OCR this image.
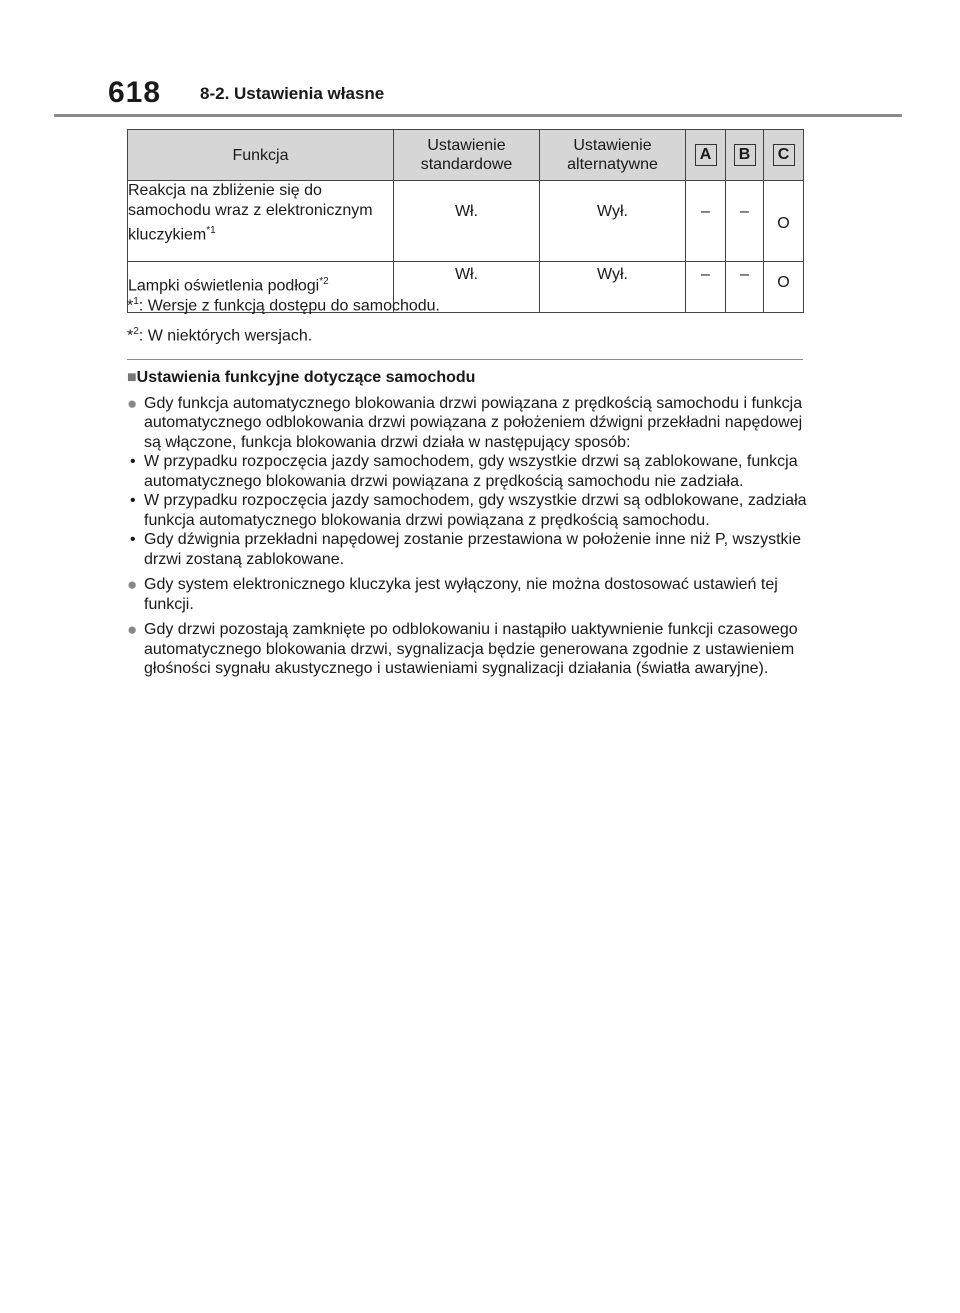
618 8-2. Ustawienia własne
Funkcja	Ustawienie standardowe	Ustawienie alternatywne	A	B	C
Reakcja na zbliżenie się do samochodu wraz z elektronicznym kluczykiem$^{*1}$	Wł.	Wył.	–	–	O

Lampki oświetlenia podłogi$^{*2}$	Wł.	Wył.	–	–	O
*$^1$: Wersje z funkcją dostępu do samochodu.
*$^2$: W niektórych wersjach.
■Ustawienia funkcyjne dotyczące samochodu
● Gdy funkcja automatycznego blokowania drzwi powiązana z prędkością samochodu i funkcja automatycznego odblokowania drzwi powiązana z położeniem dźwigni przekładni napędowej są włączone, funkcja blokowania drzwi działa w następujący sposób:
• W przypadku rozpoczęcia jazdy samochodem, gdy wszystkie drzwi są zablokowane, funkcja automatycznego blokowania drzwi powiązana z prędkością samochodu nie zadziała.
• W przypadku rozpoczęcia jazdy samochodem, gdy wszystkie drzwi są odblokowane, zadziała funkcja automatycznego blokowania drzwi powiązana z prędkością samochodu.
• Gdy dźwignia przekładni napędowej zostanie przestawiona w położenie inne niż P, wszystkie drzwi zostaną zablokowane.
● Gdy system elektronicznego kluczyka jest wyłączony, nie można dostosować ustawień tej funkcji.
● Gdy drzwi pozostają zamknięte po odblokowaniu i nastąpiło uaktywnienie funkcji czasowego automatycznego blokowania drzwi, sygnalizacja będzie generowana zgodnie z ustawieniem głośności sygnału akustycznego i ustawieniami sygnalizacji działania (światła awaryjne).
